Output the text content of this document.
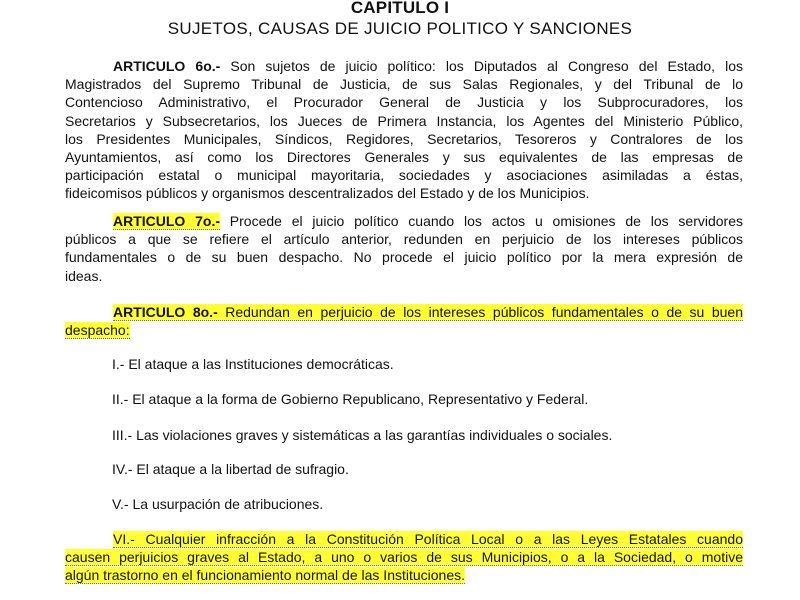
CAPITULO I
SUJETOS, CAUSAS DE JUICIO POLITICO Y SANCIONES
ARTICULO 6o.- Son sujetos de juicio político: los Diputados al Congreso del Estado, los
Magistrados del Supremo Tribunal de Justicia, de sus Salas Regionales, y del Tribunal de lo
Contencioso Administrativo, el Procurador General de Justicia y los Subprocuradores, los
Secretarios y Subsecretarios, los Jueces de Primera Instancia, los Agentes del Ministerio Público,
los Presidentes Municipales, Síndicos, Regidores, Secretarios, Tesoreros y Contralores de los
Ayuntamientos, así como los Directores Generales y sus equivalentes de las empresas de
participación estatal o municipal mayoritaria, sociedades y asociaciones asimiladas a éstas,
fideicomisos públicos y organismos descentralizados del Estado y de los Municipios.
ARTICULO 7o.- Procede el juicio político cuando los actos u omisiones de los servidores
públicos a que se refiere el artículo anterior, redunden en perjuicio de los intereses públicos
fundamentales o de su buen despacho. No procede el juicio político por la mera expresión de
ideas.
ARTICULO 8o.- Redundan en perjuicio de los intereses públicos fundamentales o de su buen
despacho:

I.- El ataque a las Instituciones democráticas.

II.- El ataque a la forma de Gobierno Republicano, Representativo y Federal.

III.- Las violaciones graves y sistemáticas a las garantías individuales o sociales.

IV.- El ataque a la libertad de sufragio.

V.- La usurpación de atribuciones.

VI.- Cualquier infracción a la Constitución Política Local o a las Leyes Estatales cuando
causen perjuicios graves al Estado, a uno o varios de sus Municipios, o a la Sociedad, o motive
algún trastorno en el funcionamiento normal de las Instituciones.
